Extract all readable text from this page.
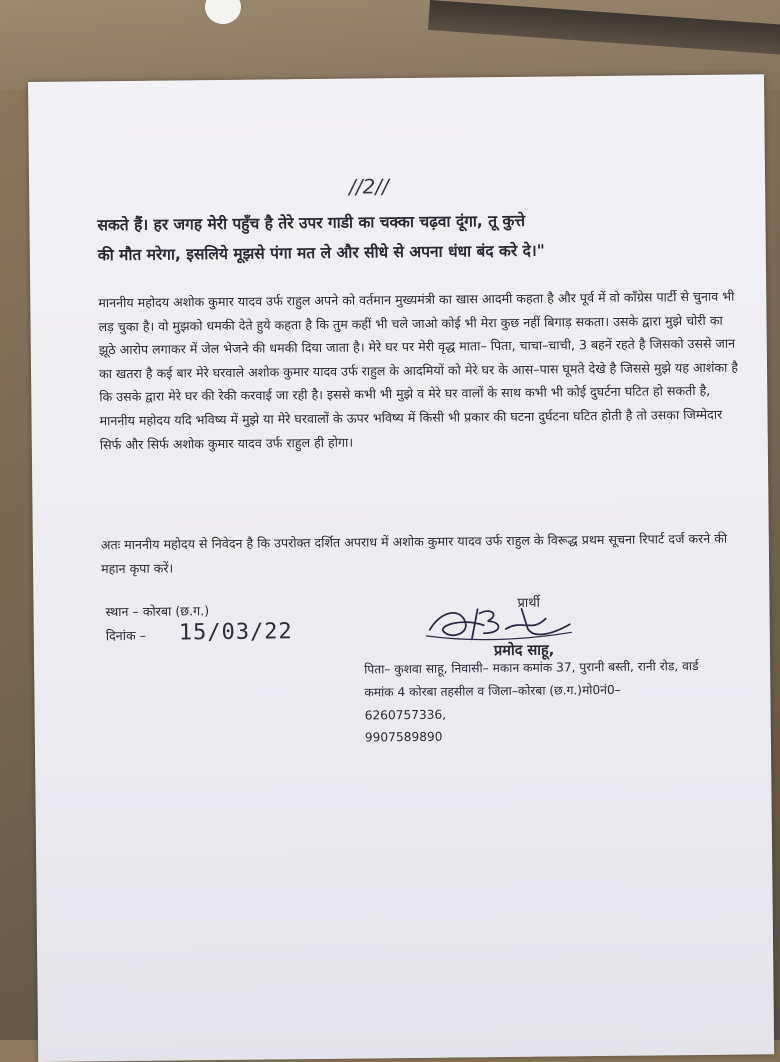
//2//
सकते हैं। हर जगह मेरी पहुँच है तेरे उपर गाडी का चक्का चढ़वा दूंगा, तू कुत्ते
की मौत मरेगा, इसलिये मूझसे पंगा मत ले और सीधे से अपना धंधा बंद करे दे।"
माननीय महोदय अशोक कुमार यादव उर्फ राहुल अपने को वर्तमान मुख्यमंत्री का खास आदमी कहता है और पूर्व में वो कॉंग्रेस पार्टी से चुनाव भी लड़ चुका है। वो मुझको धमकी देते हुये कहता है कि तुम कहीं भी चले जाओ कोई भी मेरा कुछ नहीं बिगाड़ सकता। उसके द्वारा मुझे चोरी का झूठे आरोप लगाकर में जेल भेजने की धमकी दिया जाता है। मेरे घर पर मेरी वृद्ध माता– पिता, चाचा–चाची, 3 बहनें रहते है जिसको उससे जान का खतरा है कई बार मेरे घरवाले अशोक कुमार यादव उर्फ राहुल के आदमियों को मेरे घर के आस–पास घूमते देखे है जिससे मुझे यह आशंका है कि उसके द्वारा मेरे घर की रेकी करवाई जा रही है। इससे कभी भी मुझे व मेरे घर वालों के साथ कभी भी कोई दुघर्टना घटित हो सकती है, माननीय महोदय यदि भविष्य में मुझे या मेरे घरवालों के ऊपर भविष्य में किसी भी प्रकार की घटना दुर्घटना घटित होती है तो उसका जिम्मेदार सिर्फ और सिर्फ अशोक कुमार यादव उर्फ राहुल ही होगा।
अतः माननीय महोदय से निवेदन है कि उपरोक्त दर्शित अपराध में अशोक कुमार यादव उर्फ राहुल के विरूद्ध प्रथम सूचना रिपार्ट दर्ज करने की महान कृपा करें।
स्थान – कोरबा (छ.ग.)
दिनांक – 15/03/22
प्रार्थी
प्रमोद साहू,
पिता– कुशवा साहू, निवासी– मकान कमांक 37, पुरानी बस्ती, रानी रोड, वार्ड कमांक 4 कोरबा तहसील व जिला–कोरबा (छ.ग.)मो0नं0– 6260757336,
9907589890
